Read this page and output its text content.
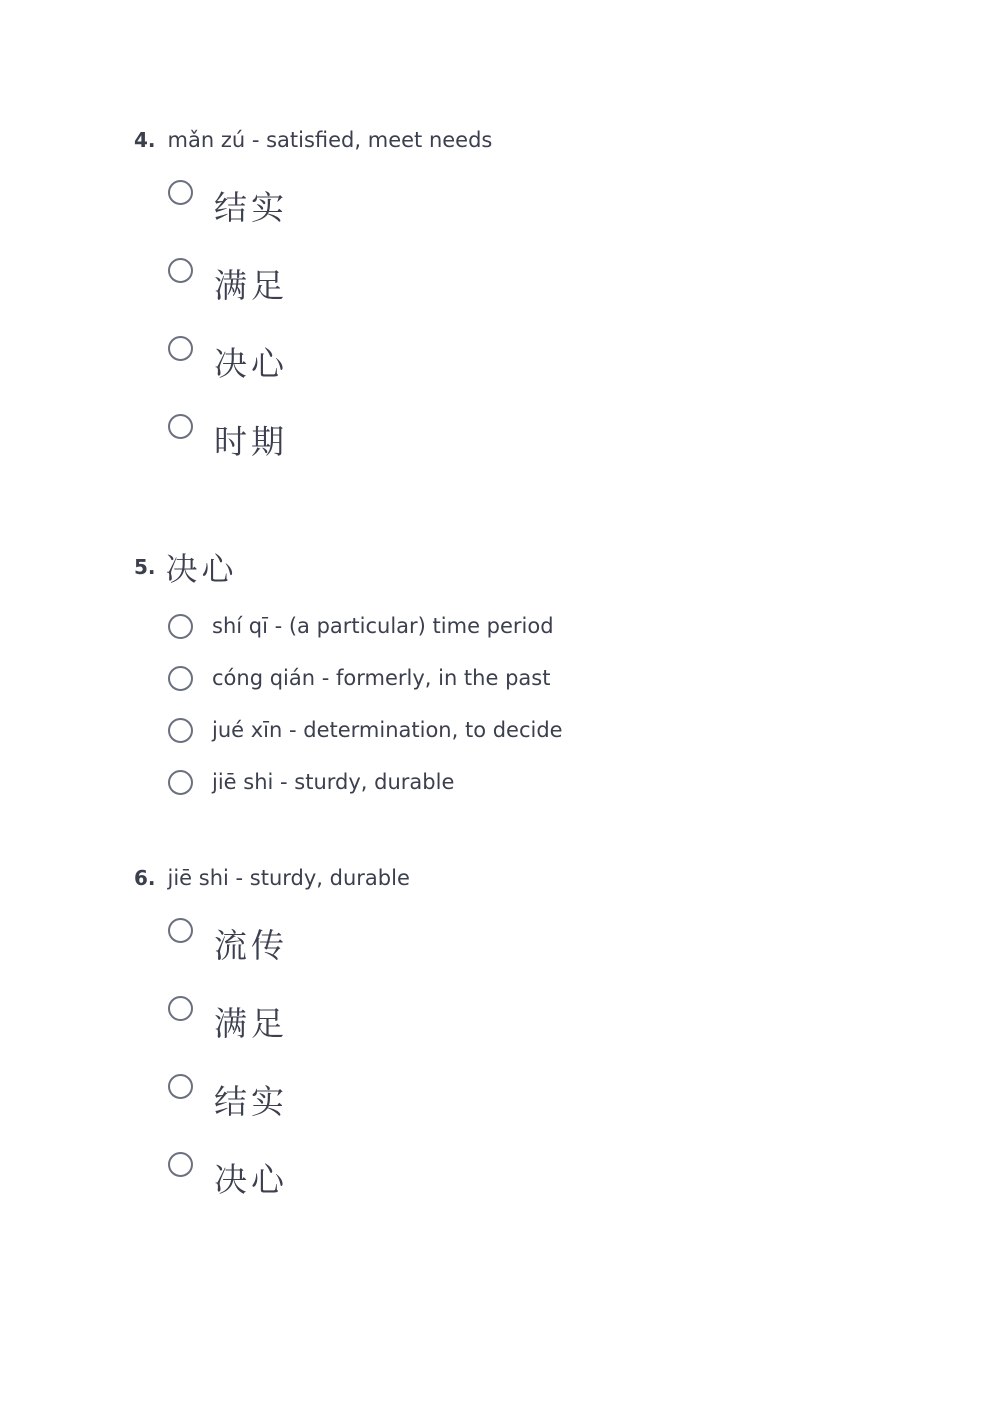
4. mǎn zú - satisfied, meet needs
结实
满足
决心
时期
5. 决心
shí qī - (a particular) time period
cóng qián - formerly, in the past
jué xīn - determination, to decide
jiē shi - sturdy, durable
6. jiē shi - sturdy, durable
流传
满足
结实
决心
